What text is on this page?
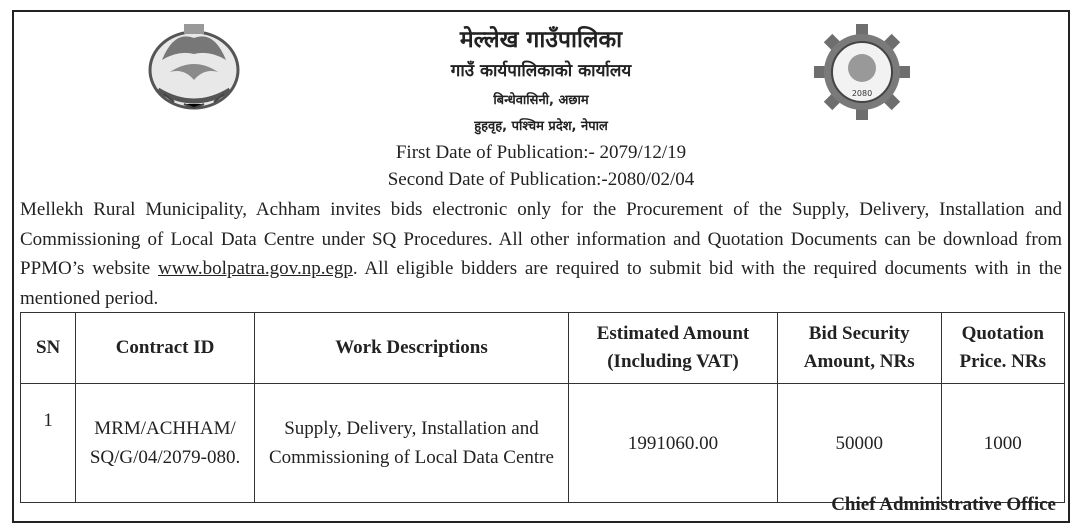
2080
मेल्लेख गाउँपालिका
गाउँ कार्यपालिकाको कार्यालय
बिन्धेवासिनी, अछाम
हुहवृह, पश्चिम प्रदेश, नेपाल
First Date of Publication:- 2079/12/19
Second Date of Publication:-2080/02/04
Mellekh Rural Municipality, Achham invites bids electronic only for the Procurement of the Supply, Delivery, Installation and Commissioning of Local Data Centre under SQ Procedures. All other information and Quotation Documents can be download from PPMO’s website www.bolpatra.gov.np.egp. All eligible bidders are required to submit bid with the required documents with in the mentioned period.
SN	Contract ID	Work Descriptions	Estimated Amount (Including VAT)	Bid Security Amount, NRs	Quotation Price. NRs
1	MRM/ACHHAM/ SQ/G/04/2079-080.	Supply, Delivery, Installation and Commissioning of Local Data Centre	1991060.00	50000	1000
Chief Administrative Office
